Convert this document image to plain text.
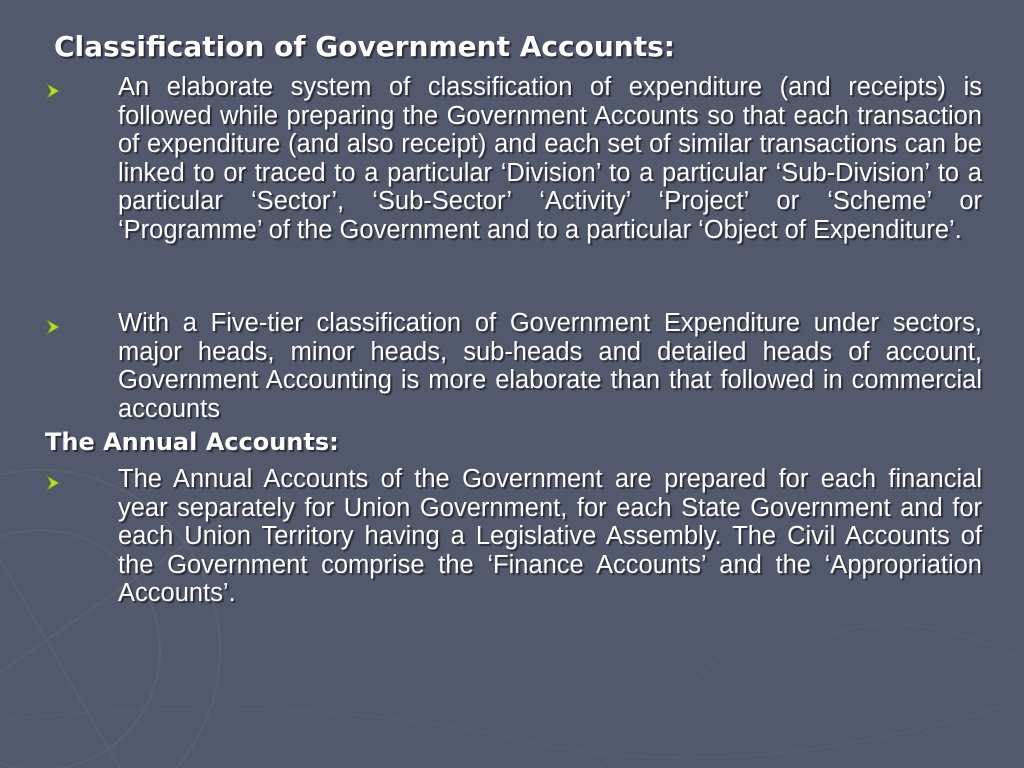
Classification of Government Accounts:

An elaborate system of classification of expenditure (and receipts) is followed while preparing the Government Accounts so that each transaction of expenditure (and also receipt) and each set of similar transactions can be linked to or traced to a particular ‘Division’ to a particular ‘Sub-Division’ to a particular ‘Sector’, ‘Sub-Sector’ ‘Activity’ ‘Project’ or ‘Scheme’ or ‘Programme’ of the Government and to a particular ‘Object of Expenditure’.

With a Five-tier classification of Government Expenditure under sectors, major heads, minor heads, sub-heads and detailed heads of account, Government Accounting is more elaborate than that followed in commercial accounts

The Annual Accounts:

The Annual Accounts of the Government are prepared for each financial year separately for Union Government, for each State Government and for each Union Territory having a Legislative Assembly. The Civil Accounts of the Government comprise the ‘Finance Accounts’ and the ‘Appropriation Accounts’.
